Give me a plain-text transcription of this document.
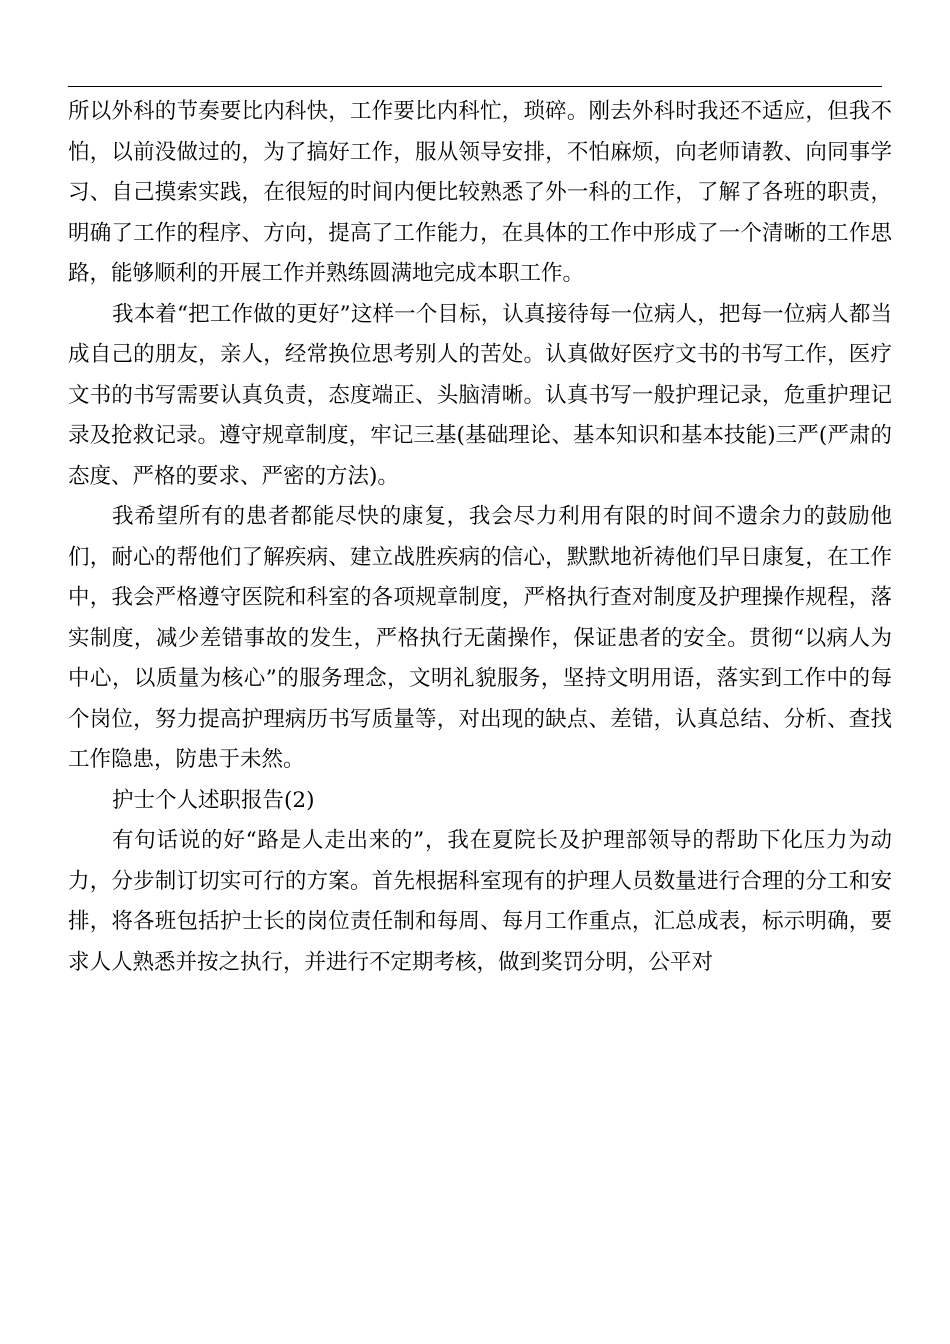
所以外科的节奏要比内科快，工作要比内科忙，琐碎。刚去外科时我还不适应，但我不怕，以前没做过的，为了搞好工作，服从领导安排，不怕麻烦，向老师请教、向同事学习、自己摸索实践，在很短的时间内便比较熟悉了外一科的工作，了解了各班的职责，明确了工作的程序、方向，提高了工作能力，在具体的工作中形成了一个清晰的工作思路，能够顺利的开展工作并熟练圆满地完成本职工作。

我本着“把工作做的更好”这样一个目标，认真接待每一位病人，把每一位病人都当成自己的朋友，亲人，经常换位思考别人的苦处。认真做好医疗文书的书写工作，医疗文书的书写需要认真负责，态度端正、头脑清晰。认真书写一般护理记录，危重护理记录及抢救记录。遵守规章制度，牢记三基(基础理论、基本知识和基本技能)三严(严肃的态度、严格的要求、严密的方法)。

我希望所有的患者都能尽快的康复，我会尽力利用有限的时间不遗余力的鼓励他们，耐心的帮他们了解疾病、建立战胜疾病的信心，默默地祈祷他们早日康复，在工作中，我会严格遵守医院和科室的各项规章制度，严格执行查对制度及护理操作规程，落实制度，减少差错事故的发生，严格执行无菌操作，保证患者的安全。贯彻“以病人为中心，以质量为核心”的服务理念，文明礼貌服务，坚持文明用语，落实到工作中的每个岗位，努力提高护理病历书写质量等，对出现的缺点、差错，认真总结、分析、查找工作隐患，防患于未然。

护士个人述职报告(2)

有句话说的好“路是人走出来的”，我在夏院长及护理部领导的帮助下化压力为动力，分步制订切实可行的方案。首先根据科室现有的护理人员数量进行合理的分工和安排，将各班包括护士长的岗位责任制和每周、每月工作重点，汇总成表，标示明确，要求人人熟悉并按之执行，并进行不定期考核，做到奖罚分明，公平对
